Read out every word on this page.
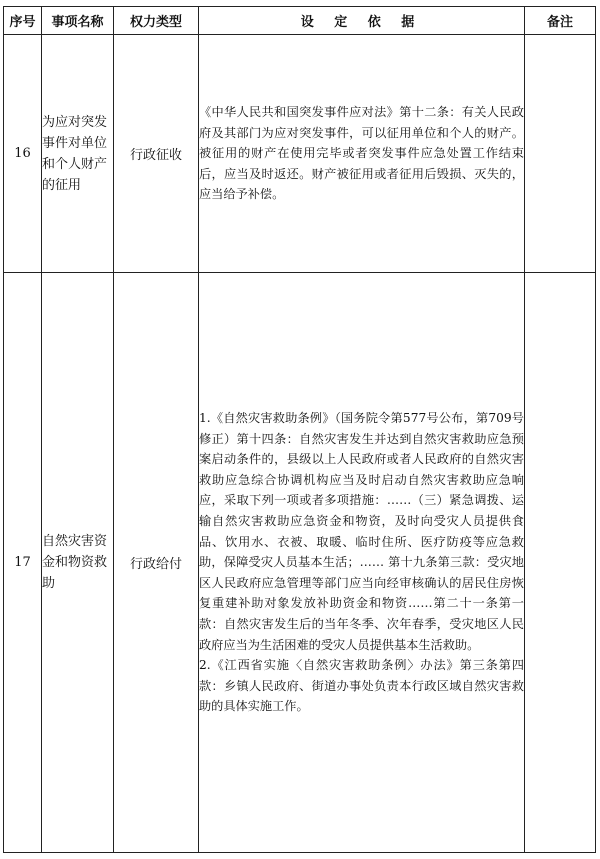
序号	事项名称	权力类型	设 定 依 据	备注
16	为应对突发事件对单位和个人财产的征用	行政征收	《中华人民共和国突发事件应对法》第十二条：有关人民政府及其部门为应对突发事件，可以征用单位和个人的财产。被征用的财产在使用完毕或者突发事件应急处置工作结束后，应当及时返还。财产被征用或者征用后毁损、灭失的，应当给予补偿。	

17	自然灾害资金和物资救助	行政给付	1.《自然灾害救助条例》（国务院令第577号公布，第709号修正）第十四条：自然灾害发生并达到自然灾害救助应急预案启动条件的，县级以上人民政府或者人民政府的自然灾害救助应急综合协调机构应当及时启动自然灾害救助应急响应，采取下列一项或者多项措施：……（三）紧急调拨、运输自然灾害救助应急资金和物资，及时向受灾人员提供食品、饮用水、衣被、取暖、临时住所、医疗防疫等应急救助，保障受灾人员基本生活；…… 第十九条第三款：受灾地区人民政府应急管理等部门应当向经审核确认的居民住房恢复重建补助对象发放补助资金和物资……第二十一条第一款：自然灾害发生后的当年冬季、次年春季，受灾地区人民政府应当为生活困难的受灾人员提供基本生活救助。
2.《江西省实施〈自然灾害救助条例〉办法》第三条第四款：乡镇人民政府、街道办事处负责本行政区域自然灾害救助的具体实施工作。	
